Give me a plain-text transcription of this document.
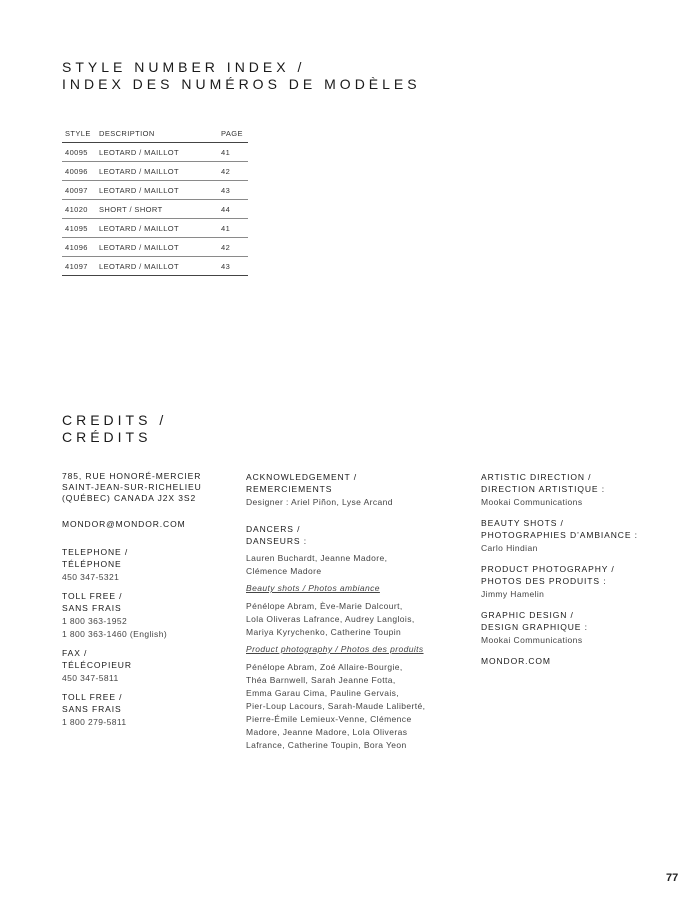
STYLE NUMBER INDEX /
INDEX DES NUMÉROS DE MODÈLES
STYLE	DESCRIPTION	PAGE
40095	LEOTARD / MAILLOT	41
40096	LEOTARD / MAILLOT	42
40097	LEOTARD / MAILLOT	43
41020	SHORT / SHORT	44
41095	LEOTARD / MAILLOT	41
41096	LEOTARD / MAILLOT	42
41097	LEOTARD / MAILLOT	43
CREDITS /
CRÉDITS
785, RUE HONORÉ-MERCIER
SAINT-JEAN-SUR-RICHELIEU
(QUÉBEC) CANADA J2X 3S2
MONDOR@MONDOR.COM
TELEPHONE /
TÉLÉPHONE
450 347-5321
TOLL FREE /
SANS FRAIS
1 800 363-1952
1 800 363-1460 (English)
FAX /
TÉLÉCOPIEUR
450 347-5811
TOLL FREE /
SANS FRAIS
1 800 279-5811
ACKNOWLEDGEMENT /
REMERCIEMENTS
Designer : Ariel Piñon, Lyse Arcand
DANCERS /
DANSEURS :
Lauren Buchardt, Jeanne Madore,
Clémence Madore
Beauty shots / Photos ambiance
Pénélope Abram, Ève-Marie Dalcourt,
Lola Oliveras Lafrance, Audrey Langlois,
Mariya Kyrychenko, Catherine Toupin
Product photography / Photos des produits
Pénélope Abram, Zoé Allaire-Bourgie,
Théa Barnwell, Sarah Jeanne Fotta,
Emma Garau Cima, Pauline Gervais,
Pier-Loup Lacours, Sarah-Maude Laliberté,
Pierre-Émile Lemieux-Venne, Clémence
Madore, Jeanne Madore, Lola Oliveras
Lafrance, Catherine Toupin, Bora Yeon
ARTISTIC DIRECTION /
DIRECTION ARTISTIQUE :
Mookai Communications
BEAUTY SHOTS /
PHOTOGRAPHIES D’AMBIANCE :
Carlo Hindian
PRODUCT PHOTOGRAPHY /
PHOTOS DES PRODUITS :
Jimmy Hamelin
GRAPHIC DESIGN /
DESIGN GRAPHIQUE :
Mookai Communications
MONDOR.COM
77
